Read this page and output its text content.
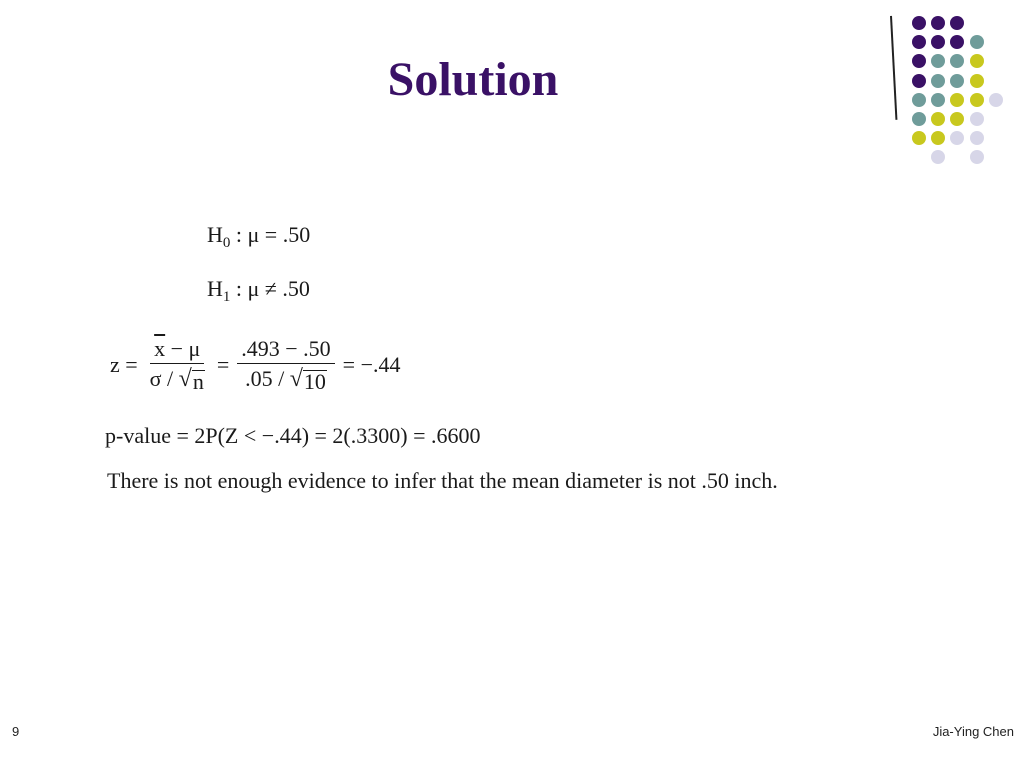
Solution
$H_0$ : μ = .50
$H_1$ : μ ≠ .50
$z = \frac{\overline{x} - \mu}{\sigma / √ n} = \frac{.493 - .50}{.05 / √ 10} = -.44$
p-value = 2P(Z < −.44) = 2(.3300) = .6600
There is not enough evidence to infer that the mean diameter is not .50 inch.
9	Jia-Ying Chen
